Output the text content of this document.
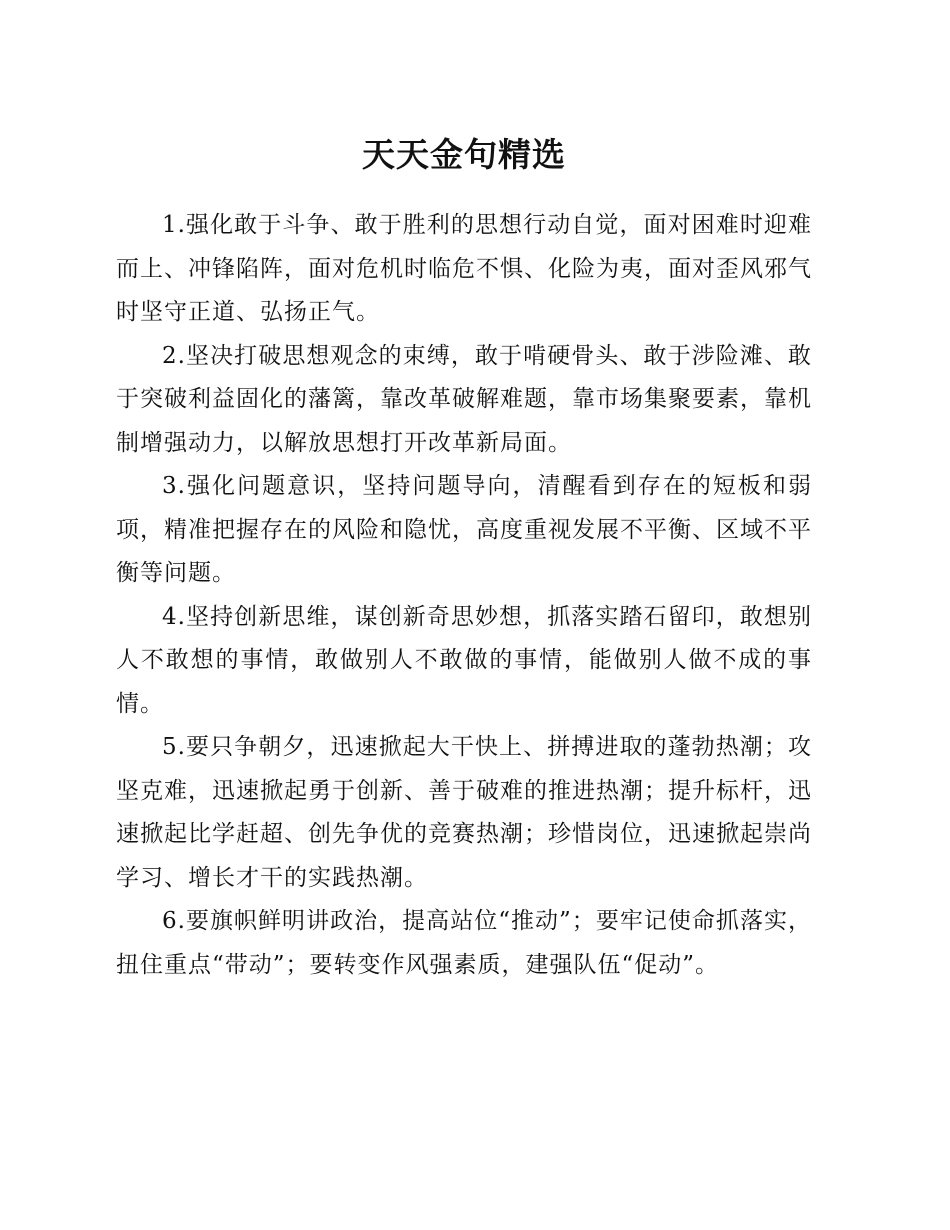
天天金句精选

1.强化敢于斗争、敢于胜利的思想行动自觉，面对困难时迎难而上、冲锋陷阵，面对危机时临危不惧、化险为夷，面对歪风邪气时坚守正道、弘扬正气。

2.坚决打破思想观念的束缚，敢于啃硬骨头、敢于涉险滩、敢于突破利益固化的藩篱，靠改革破解难题，靠市场集聚要素，靠机制增强动力，以解放思想打开改革新局面。

3.强化问题意识，坚持问题导向，清醒看到存在的短板和弱项，精准把握存在的风险和隐忧，高度重视发展不平衡、区域不平衡等问题。

4.坚持创新思维，谋创新奇思妙想，抓落实踏石留印，敢想别人不敢想的事情，敢做别人不敢做的事情，能做别人做不成的事情。

5.要只争朝夕，迅速掀起大干快上、拼搏进取的蓬勃热潮；攻坚克难，迅速掀起勇于创新、善于破难的推进热潮；提升标杆，迅速掀起比学赶超、创先争优的竞赛热潮；珍惜岗位，迅速掀起崇尚学习、增长才干的实践热潮。

6.要旗帜鲜明讲政治，提高站位“推动”；要牢记使命抓落实，扭住重点“带动”；要转变作风强素质，建强队伍“促动”。
